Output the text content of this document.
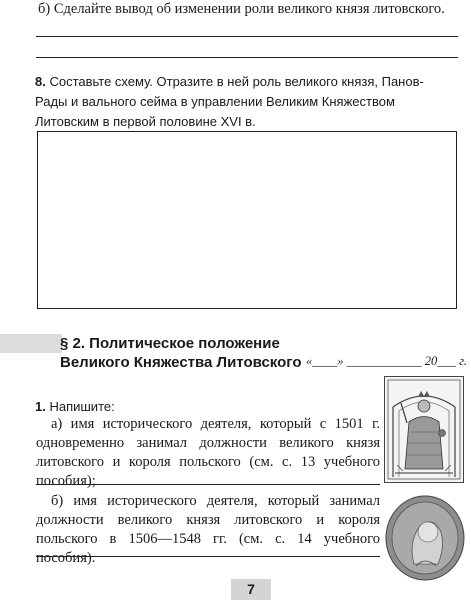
б) Сделайте вывод об изменении роли великого князя литовского.
8. Составьте схему. Отразите в ней роль великого князя, Панов-Рады и вального сейма в управлении Великим Княжеством Литовским в первой половине XVI в.
§ 2. Политическое положение Великого Княжества Литовского «____» ____________ 20___ г.
1. Напишите:
а) имя исторического деятеля, который с 1501 г. одновременно занимал должности великого князя литовского и короля польского (см. с. 13 учебного пособия);
б) имя исторического деятеля, который занимал должности великого князя литовского и короля польского в 1506—1548 гг. (см. с. 14 учебного пособия).
7
